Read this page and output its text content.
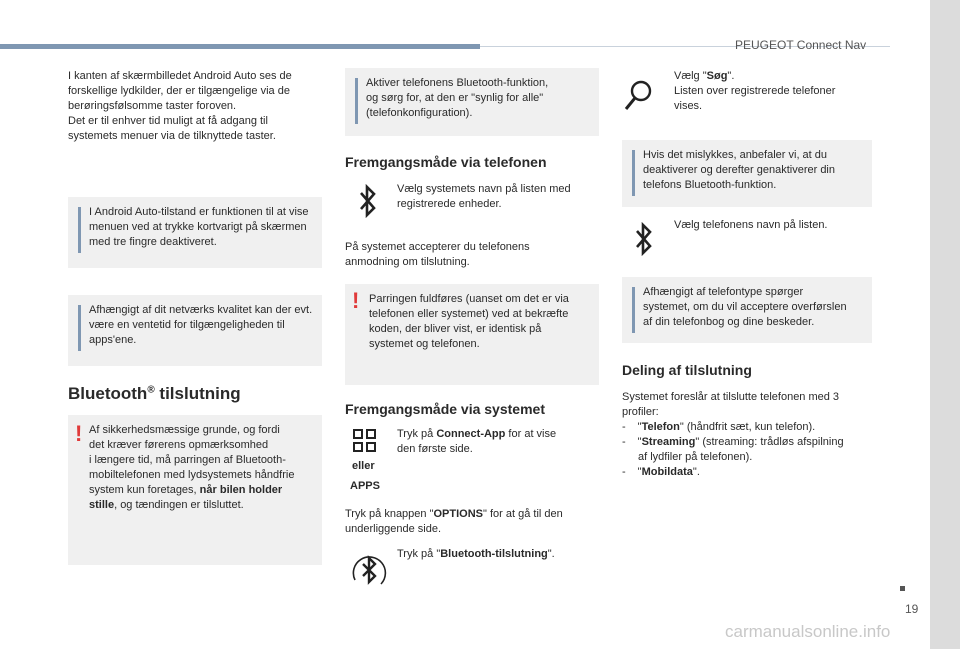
PEUGEOT Connect Nav
I kanten af skærmbilledet Android Auto ses de
forskellige lydkilder, der er tilgængelige via de
berøringsfølsomme taster foroven.
Det er til enhver tid muligt at få adgang til
systemets menuer via de tilknyttede taster.
I Android Auto-tilstand er funktionen til at vise menuen ved at trykke kortvarigt på skærmen med tre fingre deaktiveret.
Afhængigt af dit netværks kvalitet kan der evt. være en ventetid for tilgængeligheden til apps'ene.
Bluetooth® tilslutning
! Af sikkerhedsmæssige grunde, og fordi
det kræver førerens opmærksomhed
i længere tid, må parringen af Bluetooth-
mobiltelefonen med lydsystemets håndfrie
system kun foretages, når bilen holder
stille, og tændingen er tilsluttet.
Aktiver telefonens Bluetooth-funktion,
og sørg for, at den er "synlig for alle"
(telefonkonfiguration).
Fremgangsmåde via telefonen
Vælg systemets navn på listen med
registrerede enheder.
På systemet accepterer du telefonens
anmodning om tilslutning.
! Parringen fuldføres (uanset om det er via
telefonen eller systemet) ved at bekræfte
koden, der bliver vist, er identisk på
systemet og telefonen.
Fremgangsmåde via systemet
eller
APPS
Tryk på Connect-App for at vise
den første side.
Tryk på knappen "OPTIONS" for at gå til den
underliggende side.
Tryk på "Bluetooth-tilslutning".
Vælg "Søg".
Listen over registrerede telefoner
vises.
Hvis det mislykkes, anbefaler vi, at du
deaktiverer og derefter genaktiverer din
telefons Bluetooth-funktion.
Vælg telefonens navn på listen.
Afhængigt af telefontype spørger
systemet, om du vil acceptere overførslen
af din telefonbog og dine beskeder.
Deling af tilslutning
Systemet foreslår at tilslutte telefonen med 3
profiler:
- "Telefon" (håndfrit sæt, kun telefon).
- "Streaming" (streaming: trådløs afspilning
af lydfiler på telefonen).
- "Mobildata".
19
carmanualsonline.info
